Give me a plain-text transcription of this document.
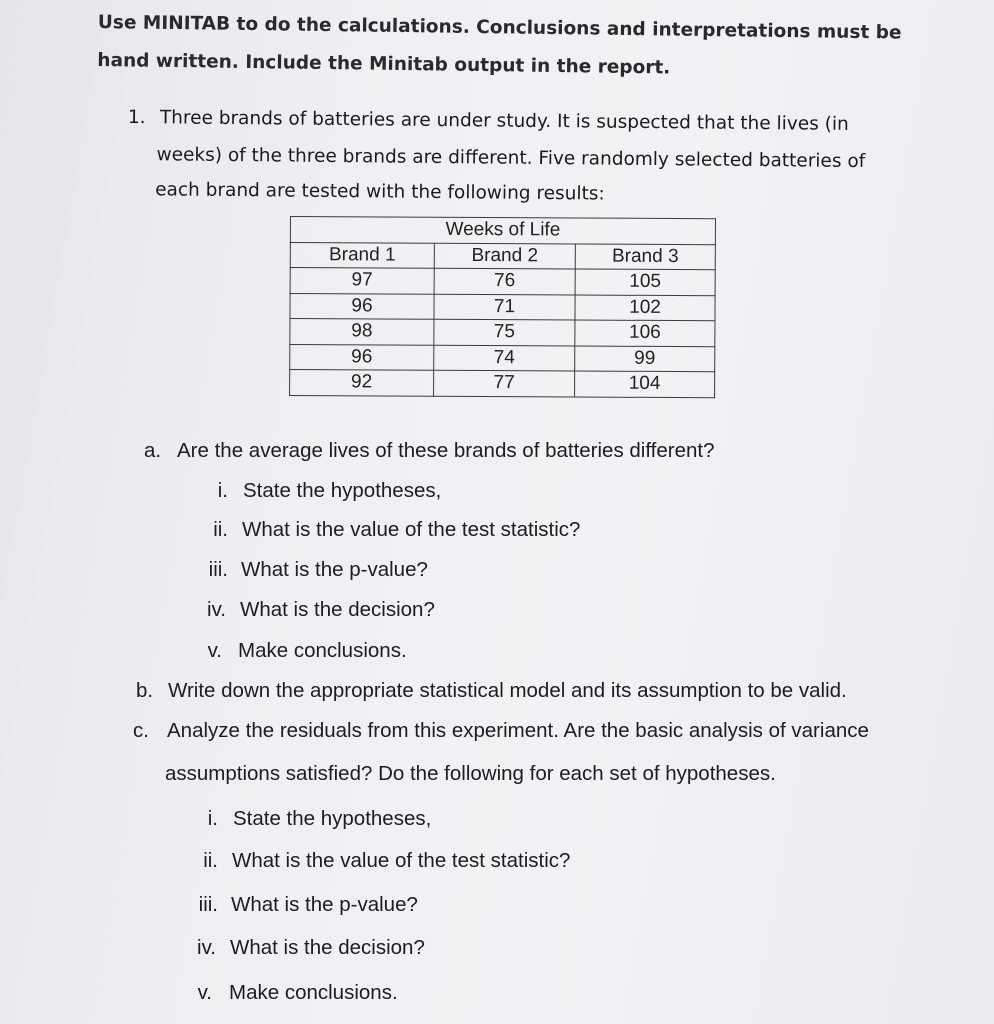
Use MINITAB to do the calculations. Conclusions and interpretations must be
hand written. Include the Minitab output in the report.
1. Three brands of batteries are under study. It is suspected that the lives (in
weeks) of the three brands are different. Five randomly selected batteries of
each brand are tested with the following results:
Weeks of Life		
Brand 1	Brand 2	Brand 3
97	76	105
96	71	102
98	75	106
96	74	99
92	77	104
a. Are the average lives of these brands of batteries different?
i. State the hypotheses,
ii. What is the value of the test statistic?
iii. What is the p-value?
iv. What is the decision?
v. Make conclusions.
b. Write down the appropriate statistical model and its assumption to be valid.
c. Analyze the residuals from this experiment. Are the basic analysis of variance
assumptions satisfied? Do the following for each set of hypotheses.
i. State the hypotheses,
ii. What is the value of the test statistic?
iii. What is the p-value?
iv. What is the decision?
v. Make conclusions.
